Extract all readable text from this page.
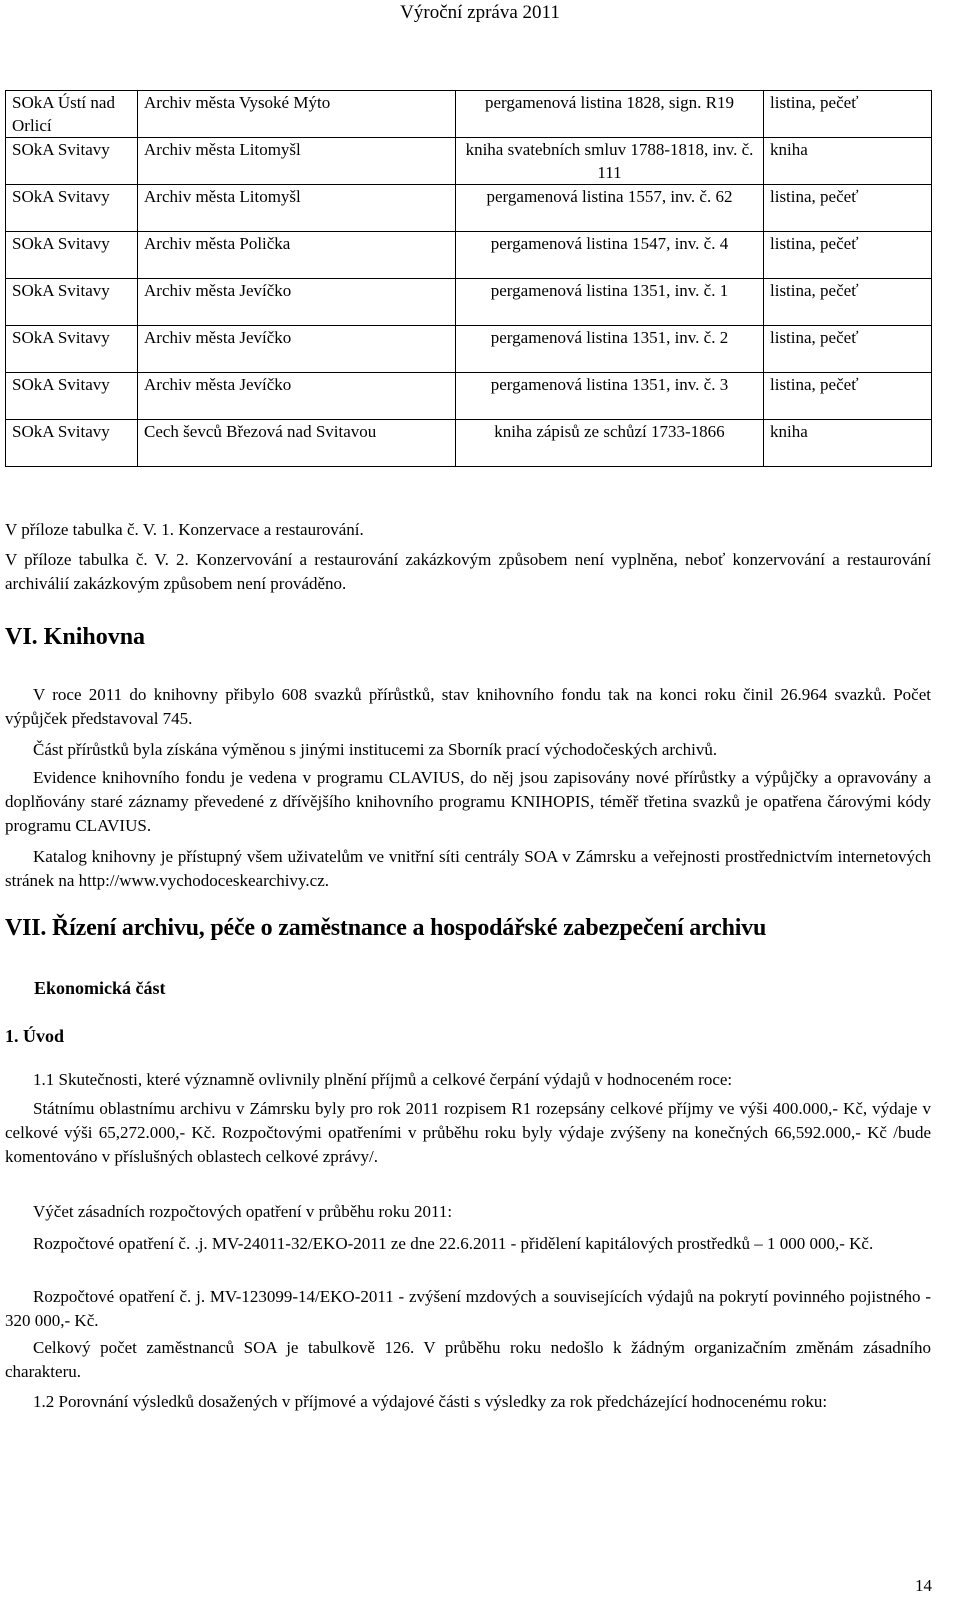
Výroční zpráva 2011
SOkA Ústí nad Orlicí	Archiv města Vysoké Mýto	pergamenová listina 1828, sign. R19	listina, pečeť
SOkA Svitavy	Archiv města Litomyšl	kniha svatebních smluv 1788-1818, inv. č. 111	kniha
SOkA Svitavy	Archiv města Litomyšl	pergamenová listina 1557, inv. č. 62	listina, pečeť
SOkA Svitavy	Archiv města Polička	pergamenová listina 1547, inv. č. 4	listina, pečeť
SOkA Svitavy	Archiv města Jevíčko	pergamenová listina 1351, inv. č. 1	listina, pečeť
SOkA Svitavy	Archiv města Jevíčko	pergamenová listina 1351, inv. č. 2	listina, pečeť
SOkA Svitavy	Archiv města Jevíčko	pergamenová listina 1351, inv. č. 3	listina, pečeť
SOkA Svitavy	Cech ševců Březová nad Svitavou	kniha zápisů ze schůzí 1733-1866	kniha

V příloze tabulka č. V. 1. Konzervace a restaurování.

V příloze tabulka č. V. 2. Konzervování a restaurování zakázkovým způsobem není vyplněna, neboť konzervování a restaurování archiválií zakázkovým způsobem není prováděno.

VI. Knihovna

V roce 2011 do knihovny přibylo 608 svazků přírůstků, stav knihovního fondu tak na konci roku činil 26.964 svazků. Počet výpůjček představoval 745.

Část přírůstků byla získána výměnou s jinými institucemi za Sborník prací východočeských archivů.

Evidence knihovního fondu je vedena v programu CLAVIUS, do něj jsou zapisovány nové přírůstky a výpůjčky a opravovány a doplňovány staré záznamy převedené z dřívějšího knihovního programu KNIHOPIS, téměř třetina svazků je opatřena čárovými kódy programu CLAVIUS.

Katalog knihovny je přístupný všem uživatelům ve vnitřní síti centrály SOA v Zámrsku a veřejnosti prostřednictvím internetových stránek na http://www.vychodoceskearchivy.cz.

VII. Řízení archivu, péče o zaměstnance a hospodářské zabezpečení archivu
Ekonomická část
1. Úvod

1.1 Skutečnosti, které významně ovlivnily plnění příjmů a celkové čerpání výdajů v hodnoceném roce:

Státnímu oblastnímu archivu v Zámrsku byly pro rok 2011 rozpisem R1 rozepsány celkové příjmy ve výši 400.000,- Kč, výdaje v celkové výši 65,272.000,- Kč. Rozpočtovými opatřeními v průběhu roku byly výdaje zvýšeny na konečných 66,592.000,- Kč /bude komentováno v příslušných oblastech celkové zprávy/.

Výčet zásadních rozpočtových opatření v průběhu roku 2011:

Rozpočtové opatření č. .j. MV-24011-32/EKO-2011 ze dne 22.6.2011 - přidělení kapitálových prostředků – 1 000 000,- Kč.

Rozpočtové opatření č. j. MV-123099-14/EKO-2011 - zvýšení mzdových a souvisejících výdajů na pokrytí povinného pojistného - 320 000,- Kč.

Celkový počet zaměstnanců SOA je tabulkově 126. V průběhu roku nedošlo k žádným organizačním změnám zásadního charakteru.

1.2 Porovnání výsledků dosažených v příjmové a výdajové části s výsledky za rok předcházející hodnocenému roku:

14
